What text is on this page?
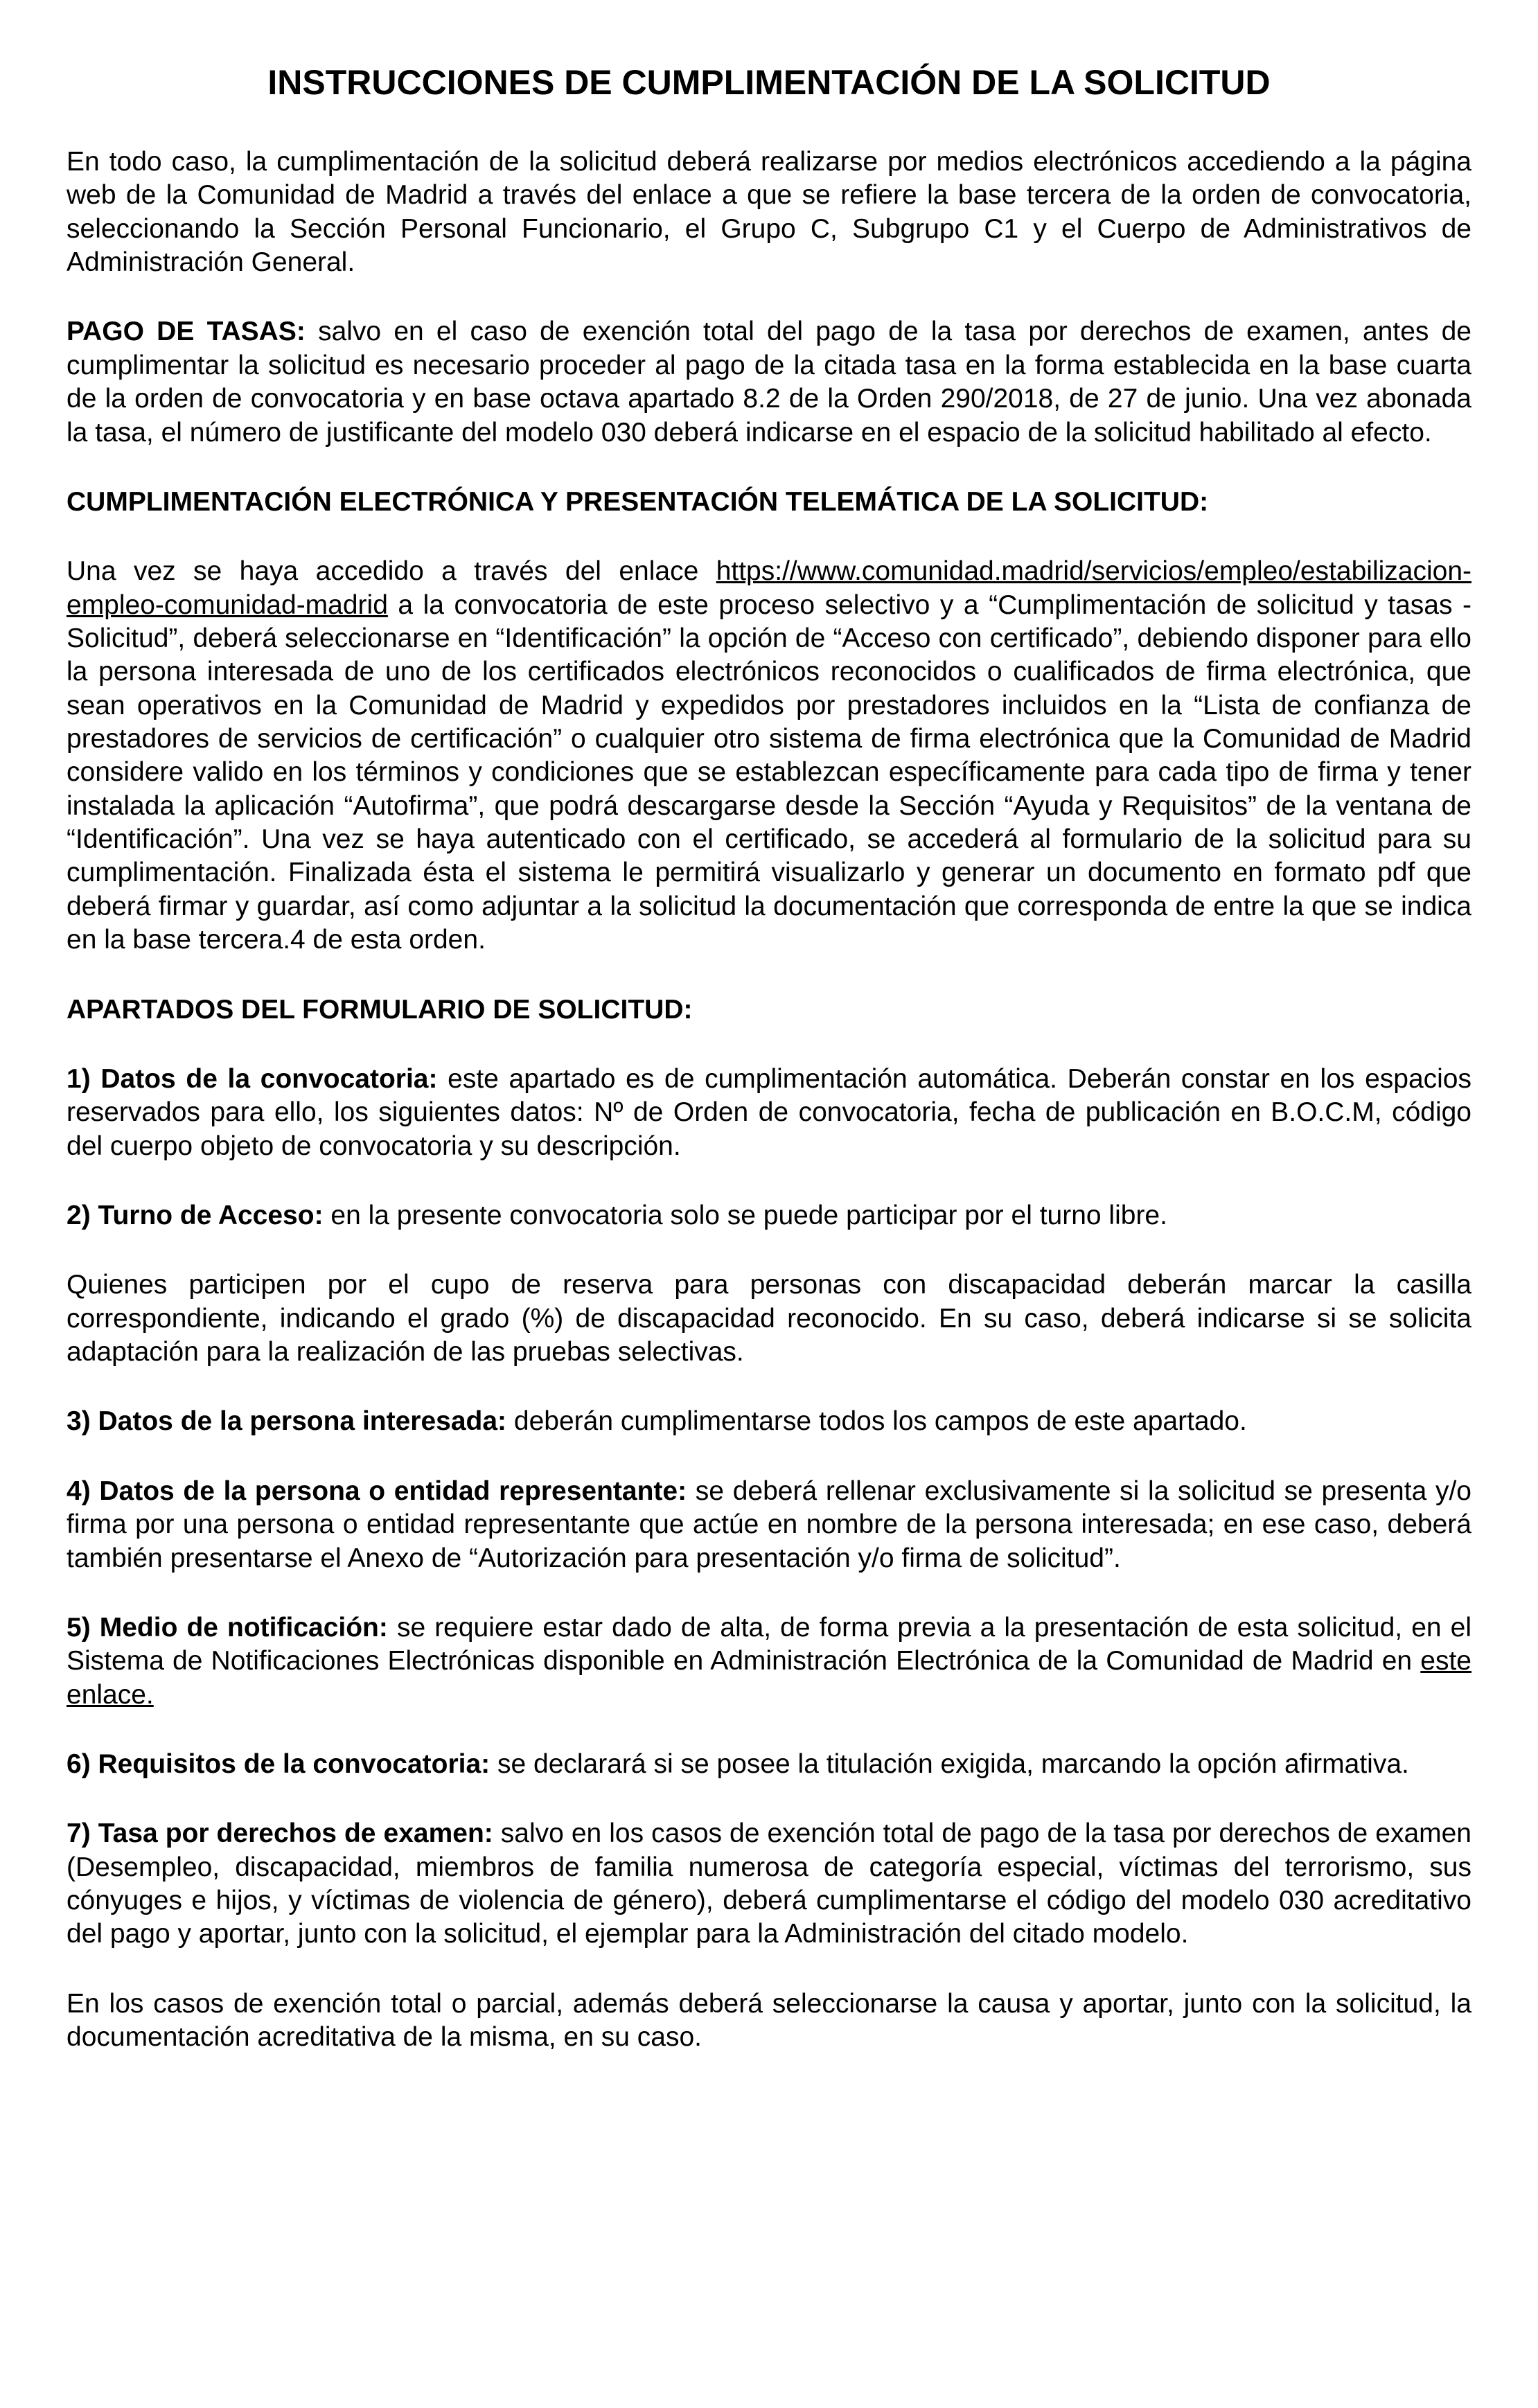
INSTRUCCIONES DE CUMPLIMENTACIÓN DE LA SOLICITUD

En todo caso, la cumplimentación de la solicitud deberá realizarse por medios electrónicos accediendo a la página web de la Comunidad de Madrid a través del enlace a que se refiere la base tercera de la orden de convocatoria, seleccionando la Sección Personal Funcionario, el Grupo C, Subgrupo C1 y el Cuerpo de Administrativos de Administración General.

PAGO DE TASAS: salvo en el caso de exención total del pago de la tasa por derechos de examen, antes de cumplimentar la solicitud es necesario proceder al pago de la citada tasa en la forma establecida en la base cuarta de la orden de convocatoria y en base octava apartado 8.2 de la Orden 290/2018, de 27 de junio. Una vez abonada la tasa, el número de justificante del modelo 030 deberá indicarse en el espacio de la solicitud habilitado al efecto.

CUMPLIMENTACIÓN ELECTRÓNICA Y PRESENTACIÓN TELEMÁTICA DE LA SOLICITUD:

Una vez se haya accedido a través del enlace https://www.comunidad.madrid/servicios/empleo/estabilizacion-empleo-comunidad-madrid a la convocatoria de este proceso selectivo y a “Cumplimentación de solicitud y tasas - Solicitud”, deberá seleccionarse en “Identificación” la opción de “Acceso con certificado”, debiendo disponer para ello la persona interesada de uno de los certificados electrónicos reconocidos o cualificados de firma electrónica, que sean operativos en la Comunidad de Madrid y expedidos por prestadores incluidos en la “Lista de confianza de prestadores de servicios de certificación” o cualquier otro sistema de firma electrónica que la Comunidad de Madrid considere valido en los términos y condiciones que se establezcan específicamente para cada tipo de firma y tener instalada la aplicación “Autofirma”, que podrá descargarse desde la Sección “Ayuda y Requisitos” de la ventana de “Identificación”. Una vez se haya autenticado con el certificado, se accederá al formulario de la solicitud para su cumplimentación. Finalizada ésta el sistema le permitirá visualizarlo y generar un documento en formato pdf que deberá firmar y guardar, así como adjuntar a la solicitud la documentación que corresponda de entre la que se indica en la base tercera.4 de esta orden.

APARTADOS DEL FORMULARIO DE SOLICITUD:

1) Datos de la convocatoria: este apartado es de cumplimentación automática. Deberán constar en los espacios reservados para ello, los siguientes datos: Nº de Orden de convocatoria, fecha de publicación en B.O.C.M, código del cuerpo objeto de convocatoria y su descripción.

2) Turno de Acceso: en la presente convocatoria solo se puede participar por el turno libre.

Quienes participen por el cupo de reserva para personas con discapacidad deberán marcar la casilla correspondiente, indicando el grado (%) de discapacidad reconocido. En su caso, deberá indicarse si se solicita adaptación para la realización de las pruebas selectivas.

3) Datos de la persona interesada: deberán cumplimentarse todos los campos de este apartado.

4) Datos de la persona o entidad representante: se deberá rellenar exclusivamente si la solicitud se presenta y/o firma por una persona o entidad representante que actúe en nombre de la persona interesada; en ese caso, deberá también presentarse el Anexo de “Autorización para presentación y/o firma de solicitud”.

5) Medio de notificación: se requiere estar dado de alta, de forma previa a la presentación de esta solicitud, en el Sistema de Notificaciones Electrónicas disponible en Administración Electrónica de la Comunidad de Madrid en este enlace.

6) Requisitos de la convocatoria: se declarará si se posee la titulación exigida, marcando la opción afirmativa.

7) Tasa por derechos de examen: salvo en los casos de exención total de pago de la tasa por derechos de examen (Desempleo, discapacidad, miembros de familia numerosa de categoría especial, víctimas del terrorismo, sus cónyuges e hijos, y víctimas de violencia de género), deberá cumplimentarse el código del modelo 030 acreditativo del pago y aportar, junto con la solicitud, el ejemplar para la Administración del citado modelo.

En los casos de exención total o parcial, además deberá seleccionarse la causa y aportar, junto con la solicitud, la documentación acreditativa de la misma, en su caso.
